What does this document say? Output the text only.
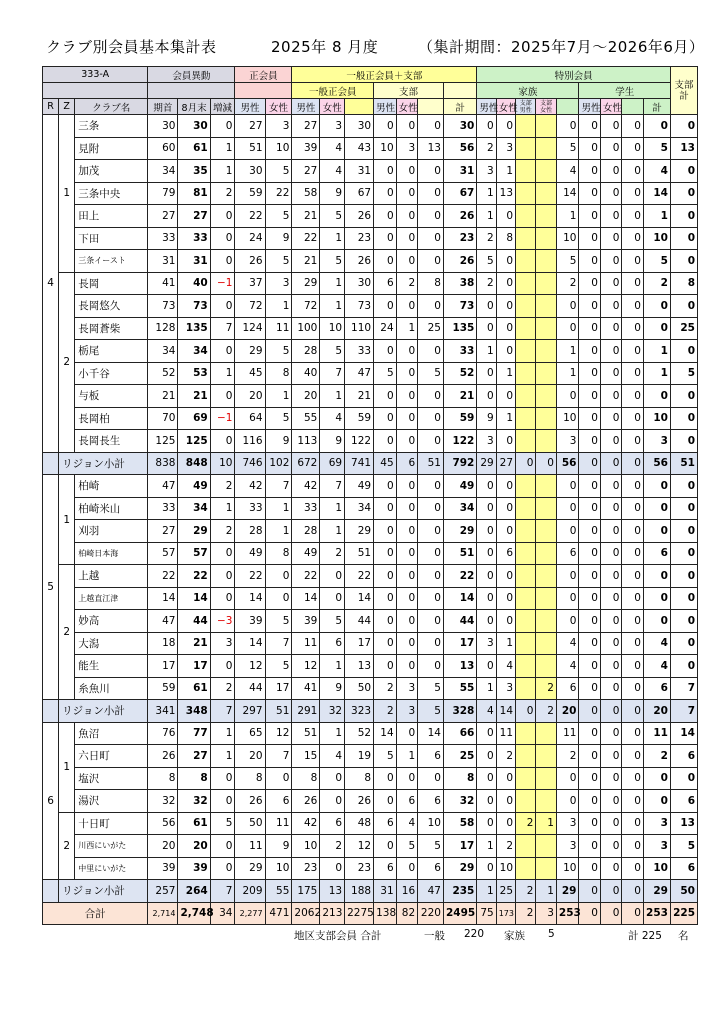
クラブ別会員基本集計表	2025年 8 月度	（集計期間：2025年7月～2026年6月）
333-A			会員異動			正会員		一般正会員＋支部							特別会員									支部計
								一般正会員			支部				家族					学生				
R	Z	クラブ名	期首	8月末	増減	男性	女性	男性	女性		男性	女性		計	男性	女性	支部男性	支部女性		男性	女性		計	
4	1	三条	30	30	0	27	3	27	3	30	0	0	0	30	0	0			0	0	0	0	0	0
		見附	60	61	1	51	10	39	4	43	10	3	13	56	2	3			5	0	0	0	5	13
		加茂	34	35	1	30	5	27	4	31	0	0	0	31	3	1			4	0	0	0	4	0
		三条中央	79	81	2	59	22	58	9	67	0	0	0	67	1	13			14	0	0	0	14	0
		田上	27	27	0	22	5	21	5	26	0	0	0	26	1	0			1	0	0	0	1	0
		下田	33	33	0	24	9	22	1	23	0	0	0	23	2	8			10	0	0	0	10	0
		三条イースト	31	31	0	26	5	21	5	26	0	0	0	26	5	0			5	0	0	0	5	0
	2	長岡	41	40	−1	37	3	29	1	30	6	2	8	38	2	0			2	0	0	0	2	8
		長岡悠久	73	73	0	72	1	72	1	73	0	0	0	73	0	0			0	0	0	0	0	0
		長岡蒼柴	128	135	7	124	11	100	10	110	24	1	25	135	0	0			0	0	0	0	0	25
		栃尾	34	34	0	29	5	28	5	33	0	0	0	33	1	0			1	0	0	0	1	0
		小千谷	52	53	1	45	8	40	7	47	5	0	5	52	0	1			1	0	0	0	1	5
		与板	21	21	0	20	1	20	1	21	0	0	0	21	0	0			0	0	0	0	0	0
		長岡柏	70	69	−1	64	5	55	4	59	0	0	0	59	9	1			10	0	0	0	10	0
		長岡長生	125	125	0	116	9	113	9	122	0	0	0	122	3	0			3	0	0	0	3	0
	リジョン小計		838	848	10	746	102	672	69	741	45	6	51	792	29	27	0	0	56	0	0	0	56	51
5	1	柏崎	47	49	2	42	7	42	7	49	0	0	0	49	0	0			0	0	0	0	0	0
		柏崎米山	33	34	1	33	1	33	1	34	0	0	0	34	0	0			0	0	0	0	0	0
		刈羽	27	29	2	28	1	28	1	29	0	0	0	29	0	0			0	0	0	0	0	0
		柏崎日本海	57	57	0	49	8	49	2	51	0	0	0	51	0	6			6	0	0	0	6	0
	2	上越	22	22	0	22	0	22	0	22	0	0	0	22	0	0			0	0	0	0	0	0
		上越直江津	14	14	0	14	0	14	0	14	0	0	0	14	0	0			0	0	0	0	0	0
		妙高	47	44	−3	39	5	39	5	44	0	0	0	44	0	0			0	0	0	0	0	0
		大潟	18	21	3	14	7	11	6	17	0	0	0	17	3	1			4	0	0	0	4	0
		能生	17	17	0	12	5	12	1	13	0	0	0	13	0	4			4	0	0	0	4	0
		糸魚川	59	61	2	44	17	41	9	50	2	3	5	55	1	3		2	6	0	0	0	6	7
	リジョン小計		341	348	7	297	51	291	32	323	2	3	5	328	4	14	0	2	20	0	0	0	20	7
6	1	魚沼	76	77	1	65	12	51	1	52	14	0	14	66	0	11			11	0	0	0	11	14
		六日町	26	27	1	20	7	15	4	19	5	1	6	25	0	2			2	0	0	0	2	6
		塩沢	8	8	0	8	0	8	0	8	0	0	0	8	0	0			0	0	0	0	0	0
		湯沢	32	32	0	26	6	26	0	26	0	6	6	32	0	0			0	0	0	0	0	6
	2	十日町	56	61	5	50	11	42	6	48	6	4	10	58	0	0	2	1	3	0	0	0	3	13
		川西にいがた	20	20	0	11	9	10	2	12	0	5	5	17	1	2			3	0	0	0	3	5
		中里にいがた	39	39	0	29	10	23	0	23	6	0	6	29	0	10			10	0	0	0	10	6
	リジョン小計		257	264	7	209	55	175	13	188	31	16	47	235	1	25	2	1	29	0	0	0	29	50
合計			2,714	2,748	34	2,277	471	2062	213	2275	138	82	220	2495	75	173	2	3	253	0	0	0	253	225
地区支部会員 合計	一般 220 家族 5	計 225 名
